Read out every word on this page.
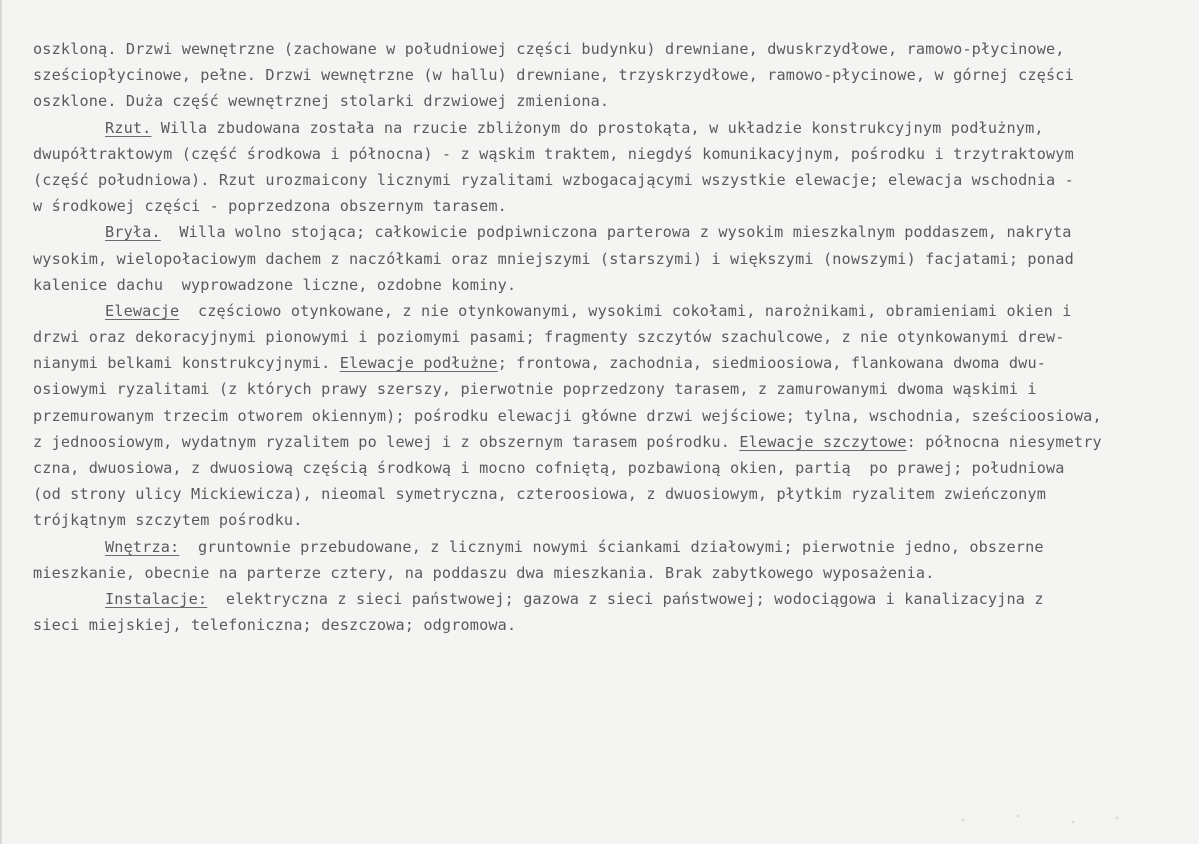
oszkloną. Drzwi wewnętrzne (zachowane w południowej części budynku) drewniane, dwuskrzydłowe, ramowo-płycinowe,
sześciopłycinowe, pełne. Drzwi wewnętrzne (w hallu) drewniane, trzyskrzydłowe, ramowo-płycinowe, w górnej części
oszklone. Duża część wewnętrznej stolarki drzwiowej zmieniona.
Rzut. Willa zbudowana została na rzucie zbliżonym do prostokąta, w układzie konstrukcyjnym podłużnym,
dwupółtraktowym (część środkowa i północna) - z wąskim traktem, niegdyś komunikacyjnym, pośrodku i trzytraktowym
(część południowa). Rzut urozmaicony licznymi ryzalitami wzbogacającymi wszystkie elewacje; elewacja wschodnia -
w środkowej części - poprzedzona obszernym tarasem.
Bryła. Willa wolno stojąca; całkowicie podpiwniczona parterowa z wysokim mieszkalnym poddaszem, nakryta
wysokim, wielopołaciowym dachem z naczółkami oraz mniejszymi (starszymi) i większymi (nowszymi) facjatami; ponad
kalenice dachu  wyprowadzone liczne, ozdobne kominy.
Elewacje częściowo otynkowane, z nie otynkowanymi, wysokimi cokołami, narożnikami, obramieniami okien i
drzwi oraz dekoracyjnymi pionowymi i poziomymi pasami; fragmenty szczytów szachulcowe, z nie otynkowanymi drew-
nianymi belkami konstrukcyjnymi. Elewacje podłużne; frontowa, zachodnia, siedmioosiowa, flankowana dwoma dwu-
osiowymi ryzalitami (z których prawy szerszy, pierwotnie poprzedzony tarasem, z zamurowanymi dwoma wąskimi i
przemurowanym trzecim otworem okiennym); pośrodku elewacji główne drzwi wejściowe; tylna, wschodnia, sześcioosiowa,
z jednoosiowym, wydatnym ryzalitem po lewej i z obszernym tarasem pośrodku. Elewacje szczytowe: północna niesymetry
czna, dwuosiowa, z dwuosiową częścią środkową i mocno cofniętą, pozbawioną okien, partią  po prawej; południowa
(od strony ulicy Mickiewicza), nieomal symetryczna, czteroosiowa, z dwuosiowym, płytkim ryzalitem zwieńczonym
trójkątnym szczytem pośrodku.
Wnętrza: gruntownie przebudowane, z licznymi nowymi ściankami działowymi; pierwotnie jedno, obszerne
mieszkanie, obecnie na parterze cztery, na poddaszu dwa mieszkania. Brak zabytkowego wyposażenia.
Instalacje: elektryczna z sieci państwowej; gazowa z sieci państwowej; wodociągowa i kanalizacyjna z
sieci miejskiej, telefoniczna; deszczowa; odgromowa.
